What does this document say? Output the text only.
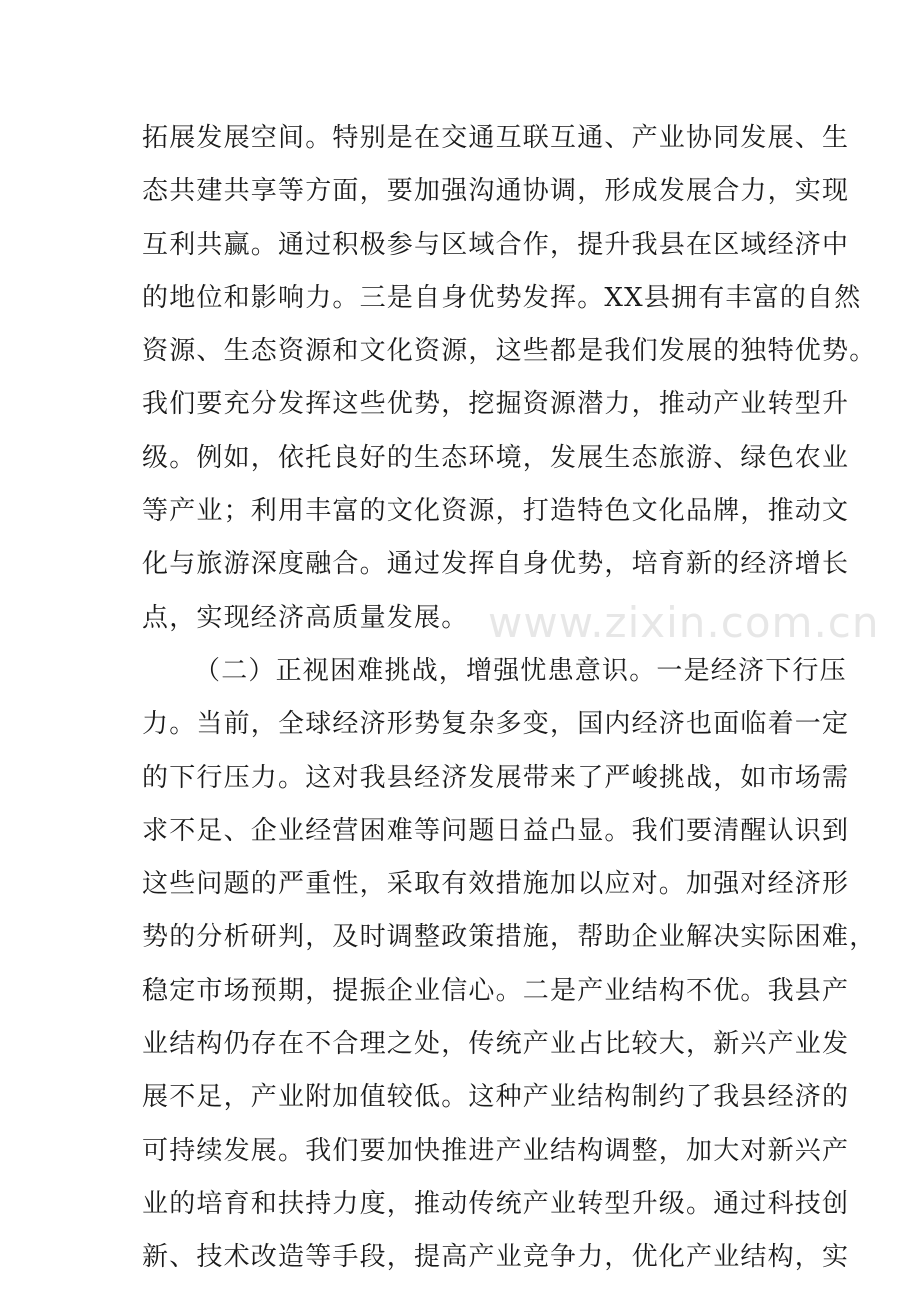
www.zixin.com.cn
拓展发展空间。特别是在交通互联互通、产业协同发展、生
态共建共享等方面，要加强沟通协调，形成发展合力，实现
互利共赢。通过积极参与区域合作，提升我县在区域经济中
的地位和影响力。三是自身优势发挥。XX县拥有丰富的自然
资源、生态资源和文化资源，这些都是我们发展的独特优势。
我们要充分发挥这些优势，挖掘资源潜力，推动产业转型升
级。例如，依托良好的生态环境，发展生态旅游、绿色农业
等产业；利用丰富的文化资源，打造特色文化品牌，推动文
化与旅游深度融合。通过发挥自身优势，培育新的经济增长
点，实现经济高质量发展。
（二）正视困难挑战，增强忧患意识。一是经济下行压
力。当前，全球经济形势复杂多变，国内经济也面临着一定
的下行压力。这对我县经济发展带来了严峻挑战，如市场需
求不足、企业经营困难等问题日益凸显。我们要清醒认识到
这些问题的严重性，采取有效措施加以应对。加强对经济形
势的分析研判，及时调整政策措施，帮助企业解决实际困难，
稳定市场预期，提振企业信心。二是产业结构不优。我县产
业结构仍存在不合理之处，传统产业占比较大，新兴产业发
展不足，产业附加值较低。这种产业结构制约了我县经济的
可持续发展。我们要加快推进产业结构调整，加大对新兴产
业的培育和扶持力度，推动传统产业转型升级。通过科技创
新、技术改造等手段，提高产业竞争力，优化产业结构，实
